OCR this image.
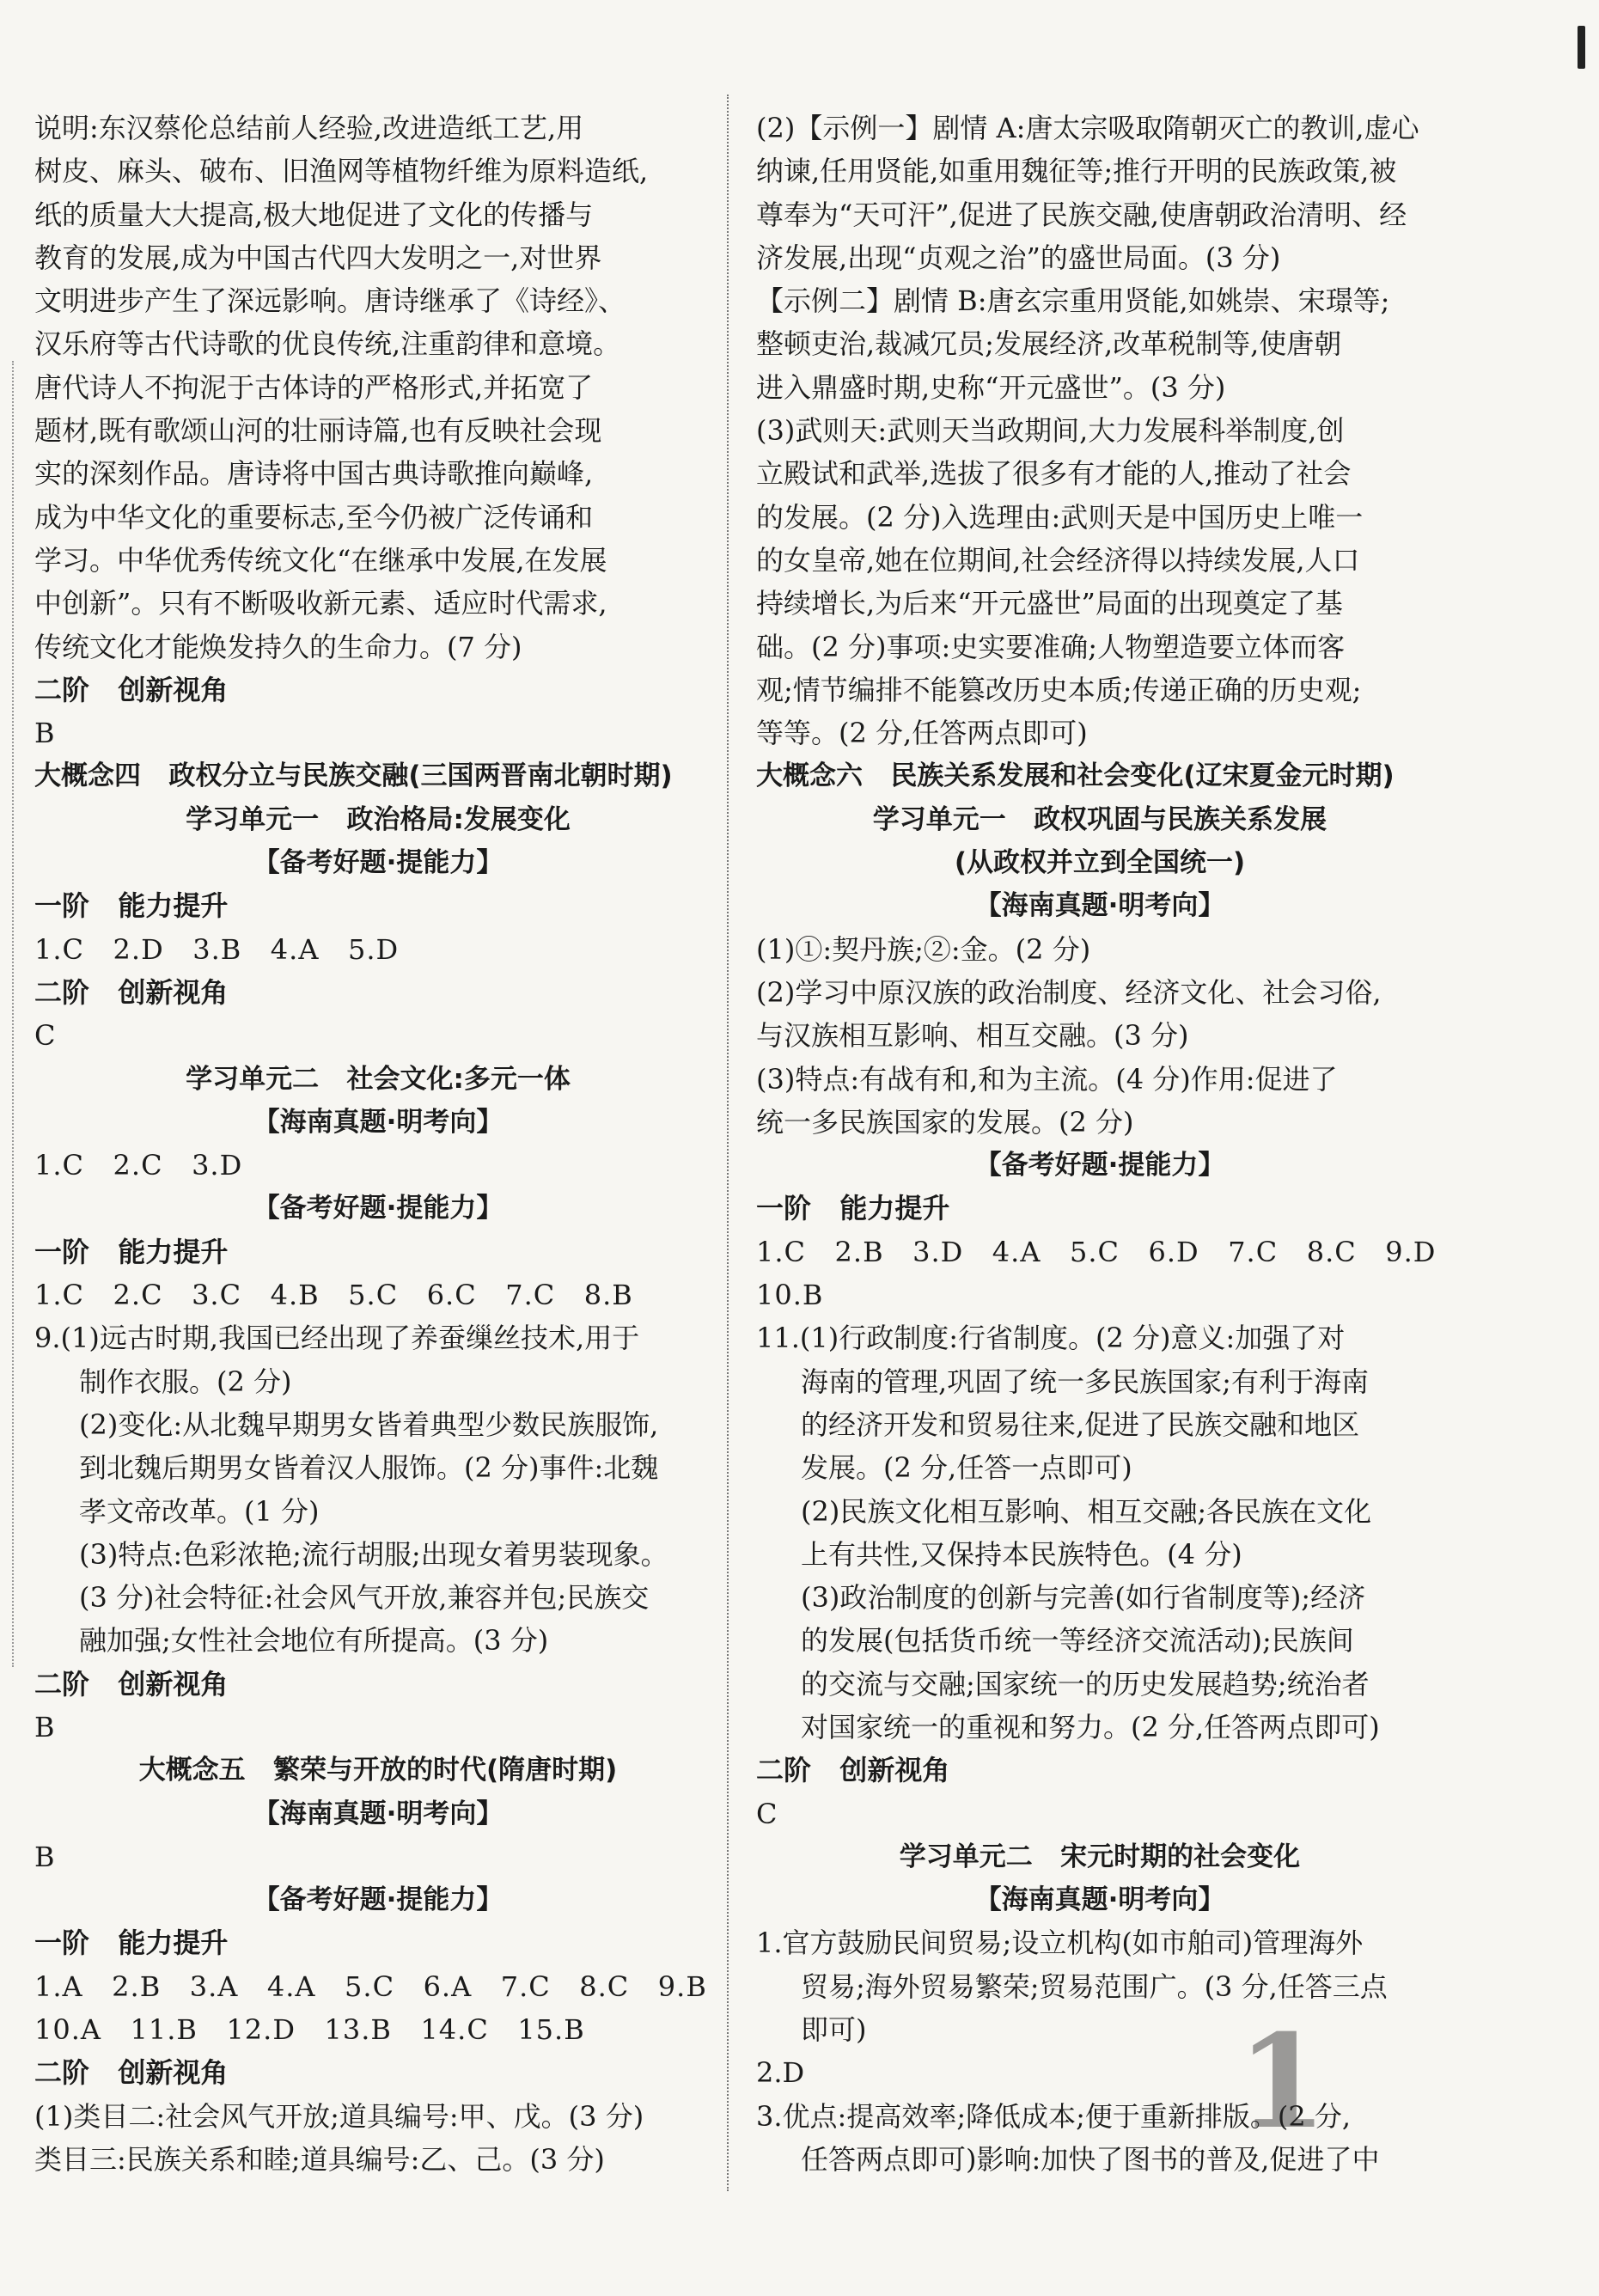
说明:东汉蔡伦总结前人经验,改进造纸工艺,用
树皮、麻头、破布、旧渔网等植物纤维为原料造纸,
纸的质量大大提高,极大地促进了文化的传播与
教育的发展,成为中国古代四大发明之一,对世界
文明进步产生了深远影响。唐诗继承了《诗经》、
汉乐府等古代诗歌的优良传统,注重韵律和意境。
唐代诗人不拘泥于古体诗的严格形式,并拓宽了
题材,既有歌颂山河的壮丽诗篇,也有反映社会现
实的深刻作品。唐诗将中国古典诗歌推向巅峰,
成为中华文化的重要标志,至今仍被广泛传诵和
学习。中华优秀传统文化“在继承中发展,在发展
中创新”。只有不断吸收新元素、适应时代需求,
传统文化才能焕发持久的生命力。(7 分)
二阶   创新视角
B
大概念四   政权分立与民族交融(三国两晋南北朝时期)
学习单元一   政治格局:发展变化
【备考好题·提能力】
一阶   能力提升
1.C   2.D   3.B   4.A   5.D
二阶   创新视角
C
学习单元二   社会文化:多元一体
【海南真题·明考向】
1.C   2.C   3.D
【备考好题·提能力】
一阶   能力提升
1.C   2.C   3.C   4.B   5.C   6.C   7.C   8.B
9.(1)远古时期,我国已经出现了养蚕缫丝技术,用于
制作衣服。(2 分)
(2)变化:从北魏早期男女皆着典型少数民族服饰,
到北魏后期男女皆着汉人服饰。(2 分)事件:北魏
孝文帝改革。(1 分)
(3)特点:色彩浓艳;流行胡服;出现女着男装现象。
(3 分)社会特征:社会风气开放,兼容并包;民族交
融加强;女性社会地位有所提高。(3 分)
二阶   创新视角
B
大概念五   繁荣与开放的时代(隋唐时期)
【海南真题·明考向】
B
【备考好题·提能力】
一阶   能力提升
1.A   2.B   3.A   4.A   5.C   6.A   7.C   8.C   9.B
10.A   11.B   12.D   13.B   14.C   15.B
二阶   创新视角
(1)类目二:社会风气开放;道具编号:甲、戊。(3 分)
类目三:民族关系和睦;道具编号:乙、己。(3 分)
(2)【示例一】剧情 A:唐太宗吸取隋朝灭亡的教训,虚心
纳谏,任用贤能,如重用魏征等;推行开明的民族政策,被
尊奉为“天可汗”,促进了民族交融,使唐朝政治清明、经
济发展,出现“贞观之治”的盛世局面。(3 分)
【示例二】剧情 B:唐玄宗重用贤能,如姚崇、宋璟等;
整顿吏治,裁减冗员;发展经济,改革税制等,使唐朝
进入鼎盛时期,史称“开元盛世”。(3 分)
(3)武则天:武则天当政期间,大力发展科举制度,创
立殿试和武举,选拔了很多有才能的人,推动了社会
的发展。(2 分)入选理由:武则天是中国历史上唯一
的女皇帝,她在位期间,社会经济得以持续发展,人口
持续增长,为后来“开元盛世”局面的出现奠定了基
础。(2 分)事项:史实要准确;人物塑造要立体而客
观;情节编排不能篡改历史本质;传递正确的历史观;
等等。(2 分,任答两点即可)
大概念六   民族关系发展和社会变化(辽宋夏金元时期)
学习单元一   政权巩固与民族关系发展
(从政权并立到全国统一)
【海南真题·明考向】
(1)①:契丹族;②:金。(2 分)
(2)学习中原汉族的政治制度、经济文化、社会习俗,
与汉族相互影响、相互交融。(3 分)
(3)特点:有战有和,和为主流。(4 分)作用:促进了
统一多民族国家的发展。(2 分)
【备考好题·提能力】
一阶   能力提升
1.C   2.B   3.D   4.A   5.C   6.D   7.C   8.C   9.D
10.B
11.(1)行政制度:行省制度。(2 分)意义:加强了对
海南的管理,巩固了统一多民族国家;有利于海南
的经济开发和贸易往来,促进了民族交融和地区
发展。(2 分,任答一点即可)
(2)民族文化相互影响、相互交融;各民族在文化
上有共性,又保持本民族特色。(4 分)
(3)政治制度的创新与完善(如行省制度等);经济
的发展(包括货币统一等经济交流活动);民族间
的交流与交融;国家统一的历史发展趋势;统治者
对国家统一的重视和努力。(2 分,任答两点即可)
二阶   创新视角
C
学习单元二   宋元时期的社会变化
【海南真题·明考向】
1.官方鼓励民间贸易;设立机构(如市舶司)管理海外
贸易;海外贸易繁荣;贸易范围广。(3 分,任答三点
即可)
2.D
3.优点:提高效率;降低成本;便于重新排版。(2 分,
任答两点即可)影响:加快了图书的普及,促进了中
1
